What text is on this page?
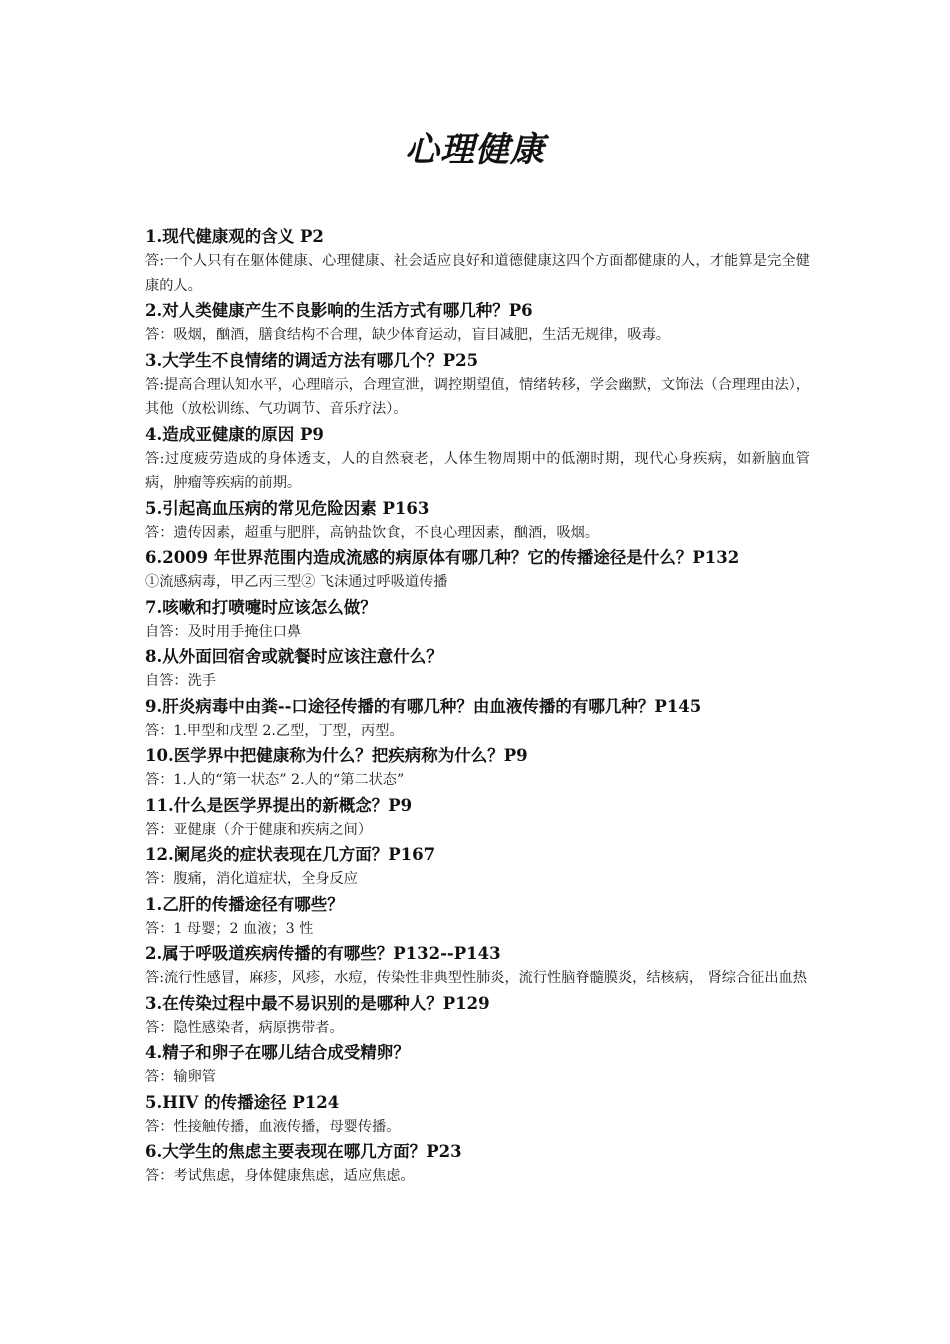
心理健康

1.现代健康观的含义 P2

答:一个人只有在躯体健康、心理健康、社会适应良好和道德健康这四个方面都健康的人，才能算是完全健康的人。

2.对人类健康产生不良影响的生活方式有哪几种？P6

答：吸烟，酗酒，膳食结构不合理，缺少体育运动，盲目减肥，生活无规律，吸毒。

3.大学生不良情绪的调适方法有哪几个？P25

答:提高合理认知水平，心理暗示，合理宣泄，调控期望值，情绪转移，学会幽默，文饰法（合理理由法），其他（放松训练、气功调节、音乐疗法）。

4.造成亚健康的原因 P9

答:过度疲劳造成的身体透支，人的自然衰老，人体生物周期中的低潮时期，现代心身疾病，如新脑血管病，肿瘤等疾病的前期。

5.引起高血压病的常见危险因素 P163

答：遗传因素，超重与肥胖，高钠盐饮食，不良心理因素，酗酒，吸烟。

6.2009 年世界范围内造成流感的病原体有哪几种？它的传播途径是什么？P132

①流感病毒，甲乙丙三型② 飞沫通过呼吸道传播

7.咳嗽和打喷嚏时应该怎么做？

自答：及时用手掩住口鼻

8.从外面回宿舍或就餐时应该注意什么？

自答：洗手

9.肝炎病毒中由粪--口途径传播的有哪几种？由血液传播的有哪几种？P145

答：1.甲型和戊型 2.乙型，丁型，丙型。

10.医学界中把健康称为什么？把疾病称为什么？P9

答：1.人的“第一状态” 2.人的“第二状态”

11.什么是医学界提出的新概念？P9

答：亚健康（介于健康和疾病之间）

12.阑尾炎的症状表现在几方面？P167

答：腹痛，消化道症状，全身反应

1.乙肝的传播途径有哪些？

答：1 母婴；2 血液；3 性

2.属于呼吸道疾病传播的有哪些？P132--P143

答:流行性感冒，麻疹，风疹，水痘，传染性非典型性肺炎，流行性脑脊髓膜炎，结核病， 肾综合征出血热

3.在传染过程中最不易识别的是哪种人？P129

答：隐性感染者，病原携带者。

4.精子和卵子在哪儿结合成受精卵？

答：输卵管

5.HIV 的传播途径 P124

答：性接触传播，血液传播，母婴传播。

6.大学生的焦虑主要表现在哪几方面？P23

答：考试焦虑，身体健康焦虑，适应焦虑。
